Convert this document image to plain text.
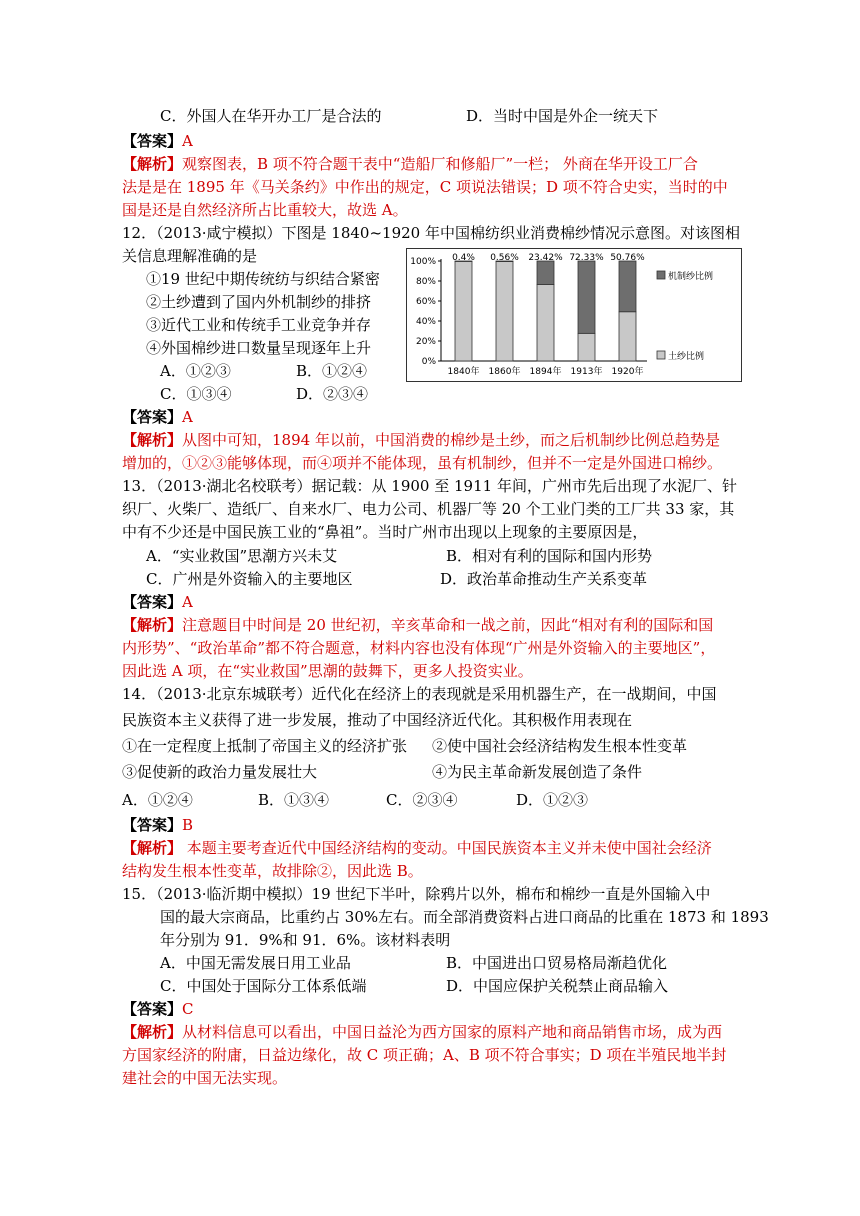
C．外国人在华开办工厂是合法的	D．当时中国是外企一统天下
【答案】A
【解析】观察图表，B 项不符合题干表中“造船厂和修船厂”一栏； 外商在华开设工厂合
法是是在 1895 年《马关条约》中作出的规定，C 项说法错误；D 项不符合史实，当时的中
国是还是自然经济所占比重较大，故选 A。
12．（2013·咸宁模拟）下图是 1840~1920 年中国棉纺织业消费棉纱情况示意图。对该图相
关信息理解准确的是
①19 世纪中期传统纺与织结合紧密
②土纱遭到了国内外机制纱的排挤
③近代工业和传统手工业竞争并存
④外国棉纱进口数量呈现逐年上升
A．①②③	B．①②④
C．①③④	D．②③④
0%
20%
40%
60%
80%
100% 0.4%
1840年
0.56%
1860年
23.42%
1894年
72.33%
1913年
50.76%
1920年
机制纱比例
土纱比例
【答案】A
【解析】从图中可知，1894 年以前，中国消费的棉纱是土纱，而之后机制纱比例总趋势是
增加的，①②③能够体现，而④项并不能体现，虽有机制纱，但并不一定是外国进口棉纱。
13．（2013·湖北名校联考）据记载：从 1900 至 1911 年间，广州市先后出现了水泥厂、针
织厂、火柴厂、造纸厂、自来水厂、电力公司、机器厂等 20 个工业门类的工厂共 33 家，其
中有不少还是中国民族工业的“鼻祖”。当时广州市出现以上现象的主要原因是，
A．“实业救国”思潮方兴未艾	B．相对有利的国际和国内形势
C．广州是外资输入的主要地区	D．政治革命推动生产关系变革
【答案】A
【解析】注意题目中时间是 20 世纪初，辛亥革命和一战之前，因此“相对有利的国际和国
内形势”、“政治革命”都不符合题意，材料内容也没有体现“广州是外资输入的主要地区”，
因此选 A 项，在“实业救国”思潮的鼓舞下，更多人投资实业。
14．（2013·北京东城联考）近代化在经济上的表现就是采用机器生产，在一战期间，中国
民族资本主义获得了进一步发展，推动了中国经济近代化。其积极作用表现在
①在一定程度上抵制了帝国主义的经济扩张 ②使中国社会经济结构发生根本性变革
③促使新的政治力量发展壮大	④为民主革命新发展创造了条件
A．①②④	B．①③④	C．②③④	D．①②③
【答案】B
【解析】 本题主要考查近代中国经济结构的变动。中国民族资本主义并未使中国社会经济
结构发生根本性变革，故排除②，因此选 B。
15．（2013·临沂期中模拟）19 世纪下半叶，除鸦片以外，棉布和棉纱一直是外国输入中
国的最大宗商品，比重约占 30%左右。而全部消费资料占进口商品的比重在 1873 和 1893
年分别为 91．9%和 91．6%。该材料表明
A．中国无需发展日用工业品	B．中国进出口贸易格局渐趋优化
C．中国处于国际分工体系低端	D．中国应保护关税禁止商品输入
【答案】C
【解析】从材料信息可以看出，中国日益沦为西方国家的原料产地和商品销售市场，成为西
方国家经济的附庸，日益边缘化，故 C 项正确；A、B 项不符合事实；D 项在半殖民地半封
建社会的中国无法实现。
